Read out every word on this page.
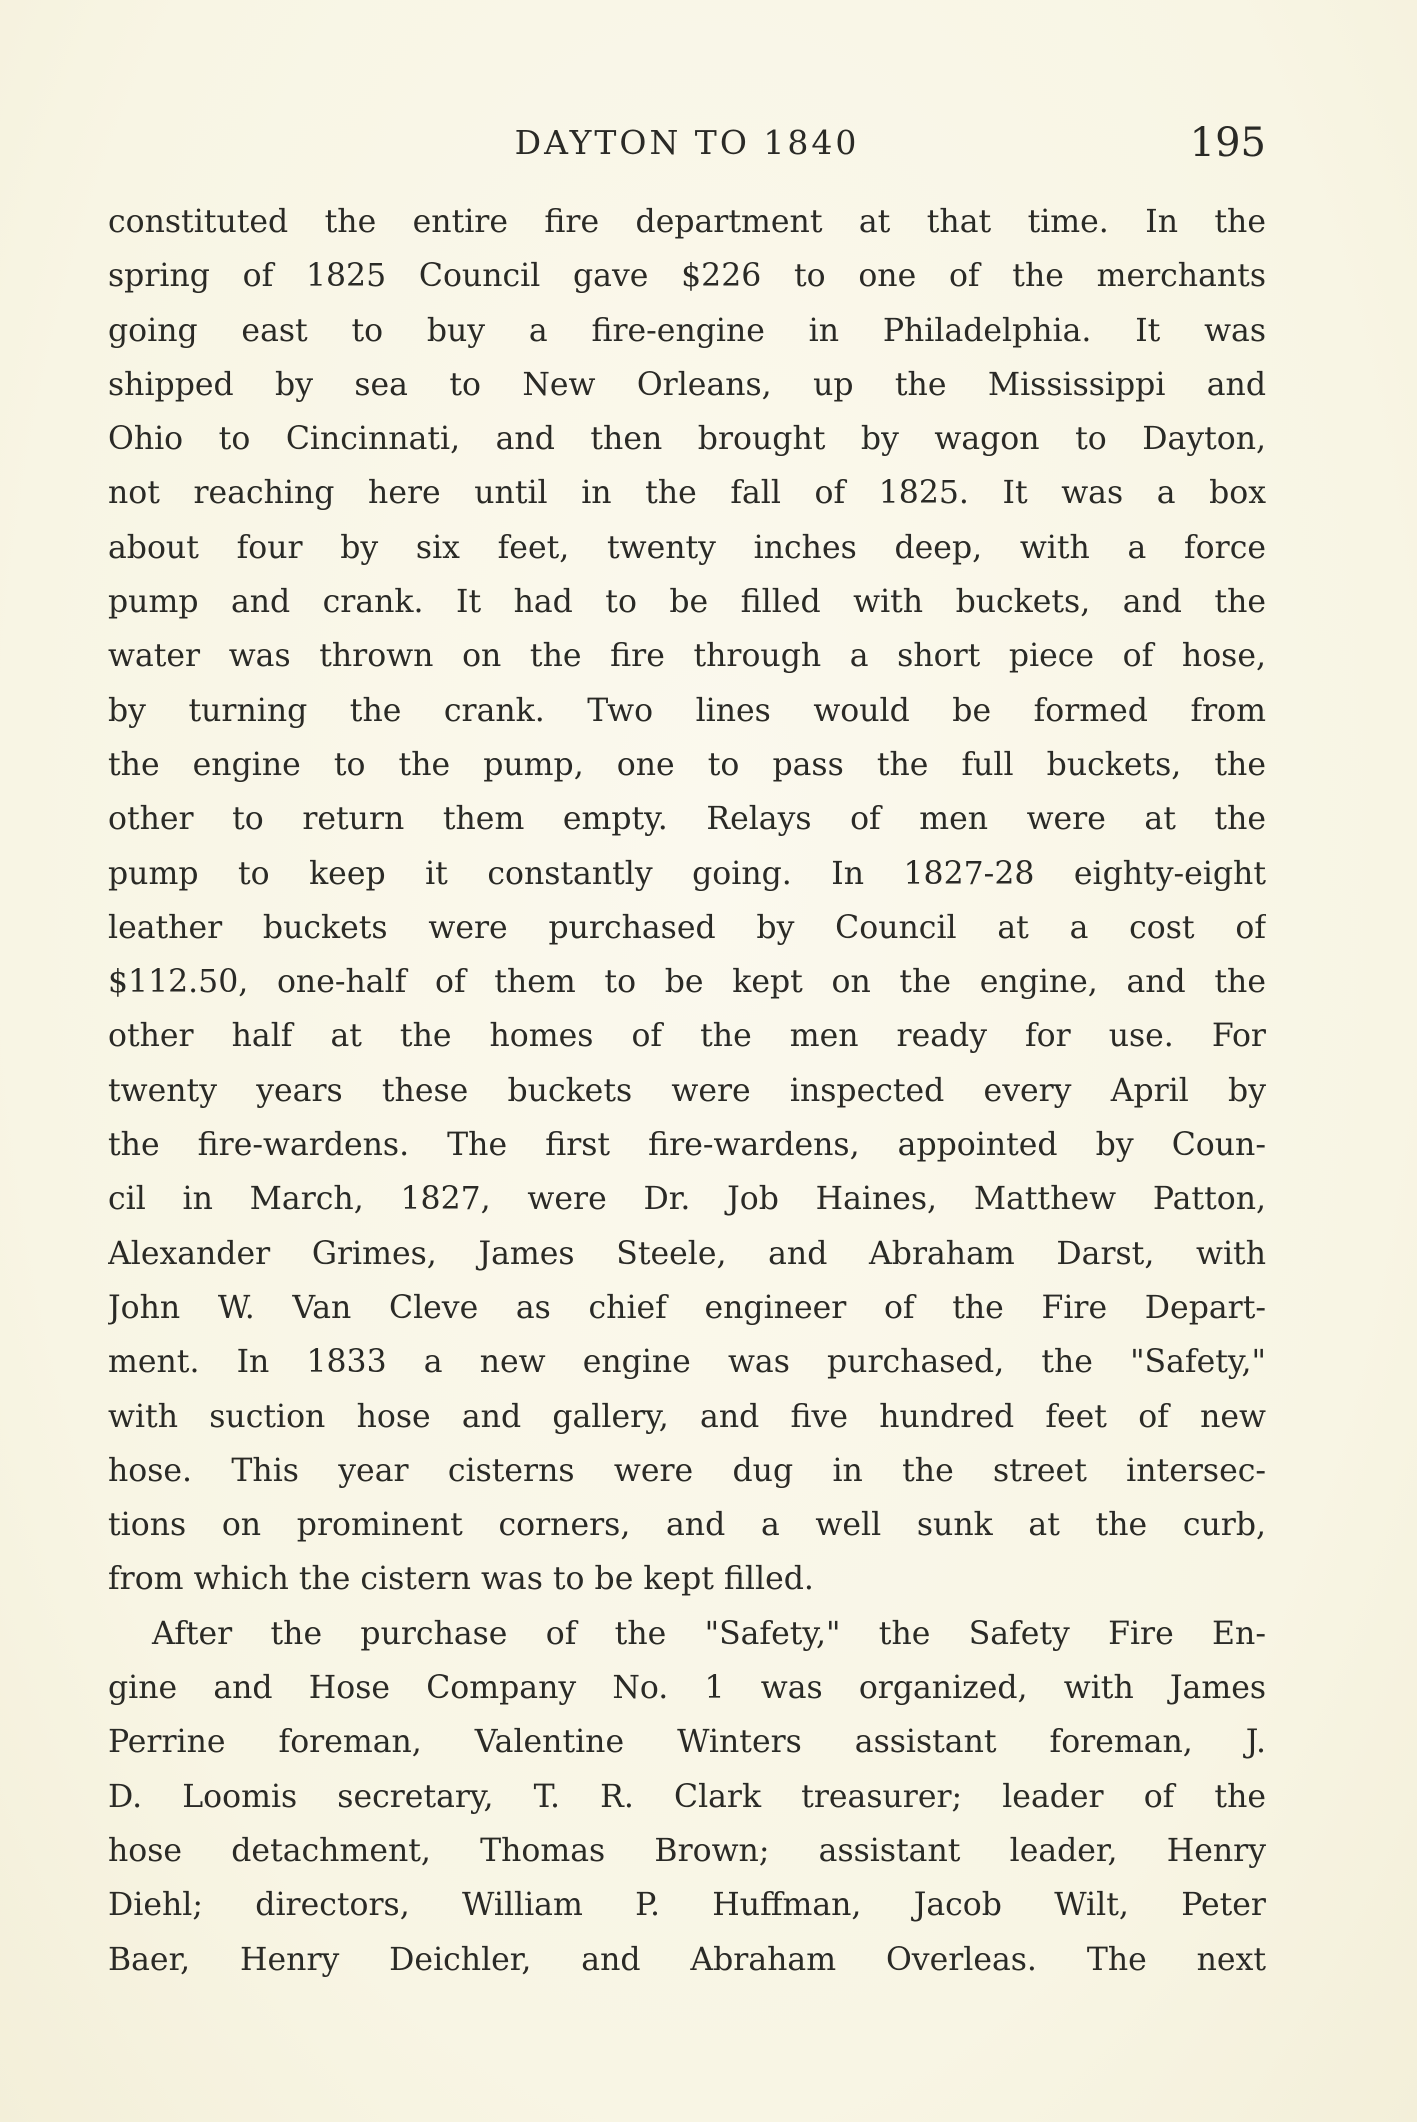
DAYTON TO 1840	195
constituted the entire fire department at that time. In the
spring of 1825 Council gave $226 to one of the merchants
going east to buy a fire-engine in Philadelphia. It was
shipped by sea to New Orleans, up the Mississippi and
Ohio to Cincinnati, and then brought by wagon to Dayton,
not reaching here until in the fall of 1825. It was a box
about four by six feet, twenty inches deep, with a force
pump and crank. It had to be filled with buckets, and the
water was thrown on the fire through a short piece of hose,
by turning the crank. Two lines would be formed from
the engine to the pump, one to pass the full buckets, the
other to return them empty. Relays of men were at the
pump to keep it constantly going. In 1827-28 eighty-eight
leather buckets were purchased by Council at a cost of
$112.50, one-half of them to be kept on the engine, and the
other half at the homes of the men ready for use. For
twenty years these buckets were inspected every April by
the fire-wardens. The first fire-wardens, appointed by Coun-
cil in March, 1827, were Dr. Job Haines, Matthew Patton,
Alexander Grimes, James Steele, and Abraham Darst, with
John W. Van Cleve as chief engineer of the Fire Depart-
ment. In 1833 a new engine was purchased, the "Safety,"
with suction hose and gallery, and five hundred feet of new
hose. This year cisterns were dug in the street intersec-
tions on prominent corners, and a well sunk at the curb,
from which the cistern was to be kept filled.
After the purchase of the "Safety," the Safety Fire En-
gine and Hose Company No. 1 was organized, with James
Perrine foreman, Valentine Winters assistant foreman, J.
D. Loomis secretary, T. R. Clark treasurer; leader of the
hose detachment, Thomas Brown; assistant leader, Henry
Diehl; directors, William P. Huffman, Jacob Wilt, Peter
Baer, Henry Deichler, and Abraham Overleas. The next
